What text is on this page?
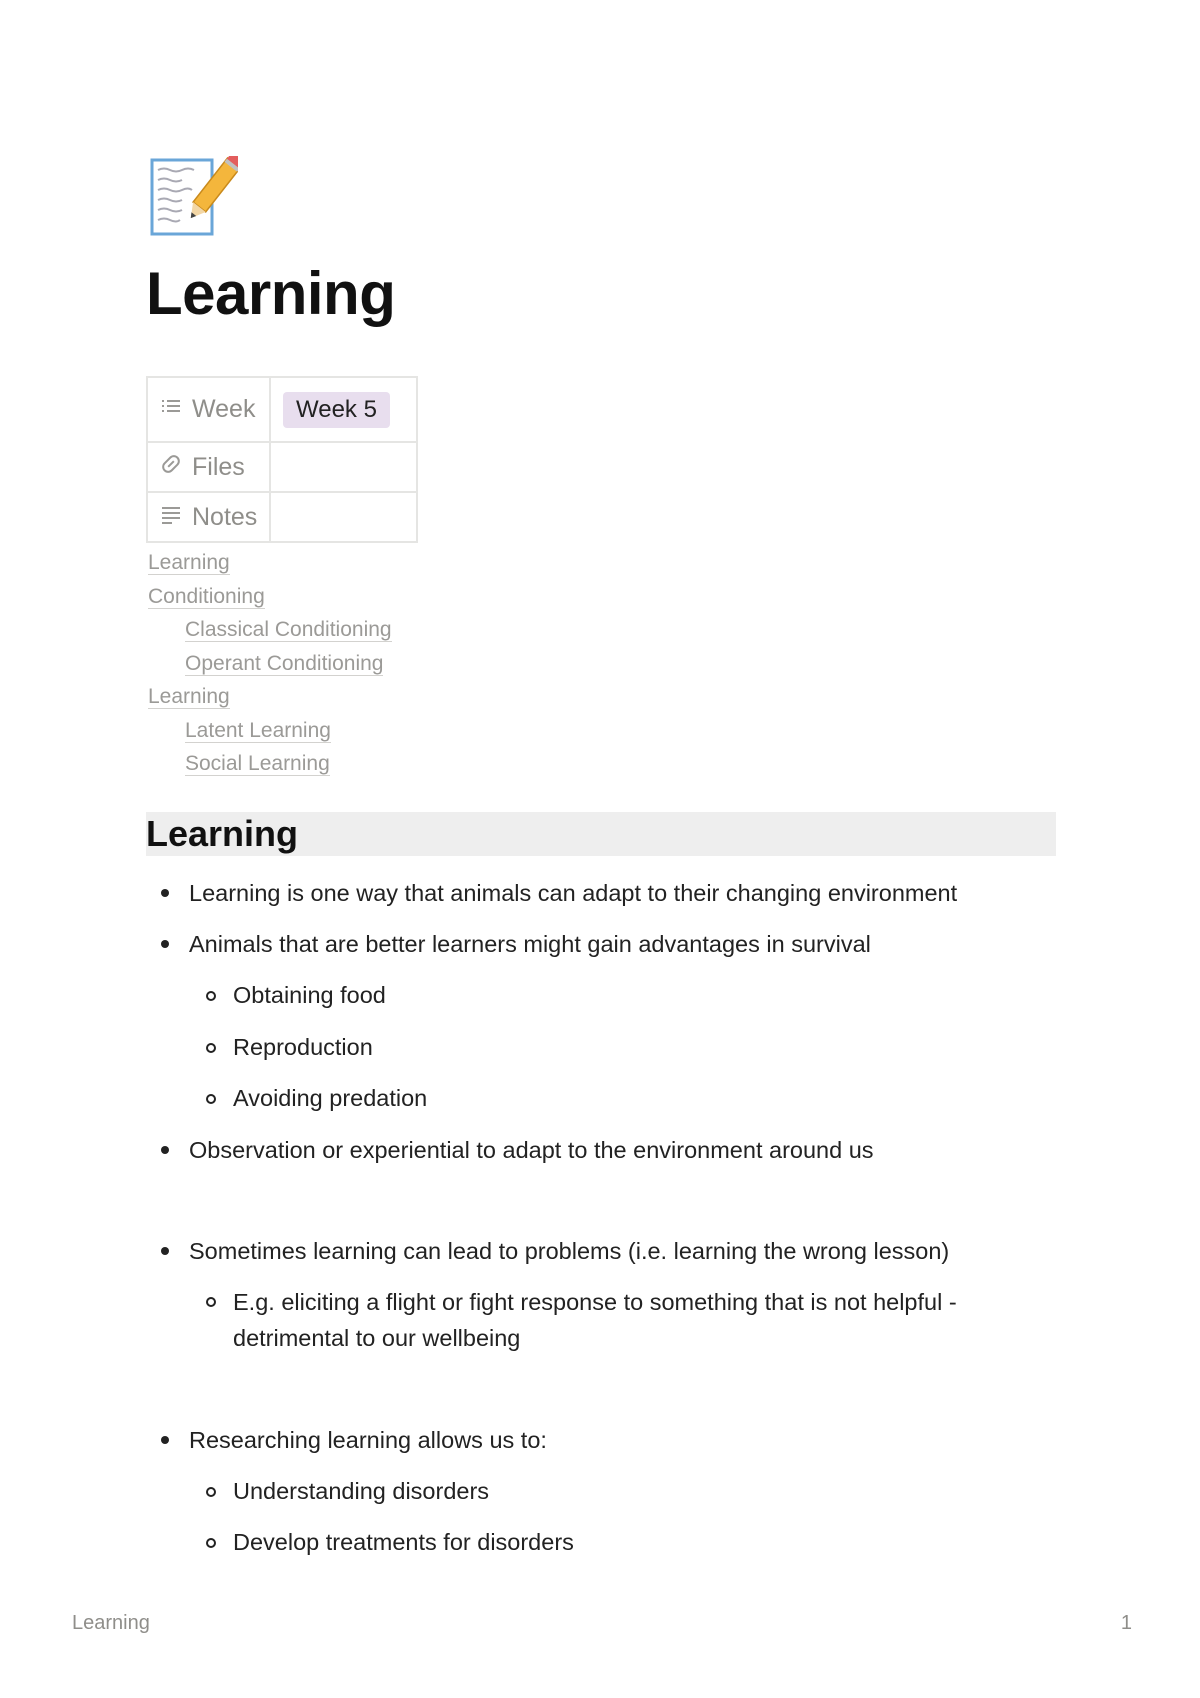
Learning
Week	Week 5

Files	

Notes	

Learning
Conditioning
Classical Conditioning
Operant Conditioning
Learning
Latent Learning
Social Learning
Learning
Learning is one way that animals can adapt to their changing environment
Animals that are better learners might gain advantages in survival
Obtaining food
Reproduction
Avoiding predation
Observation or experiential to adapt to the environment around us
Sometimes learning can lead to problems (i.e. learning the wrong lesson)
E.g. eliciting a flight or fight response to something that is not helpful - detrimental to our wellbeing
Researching learning allows us to:
Understanding disorders
Develop treatments for disorders
Learning	1
